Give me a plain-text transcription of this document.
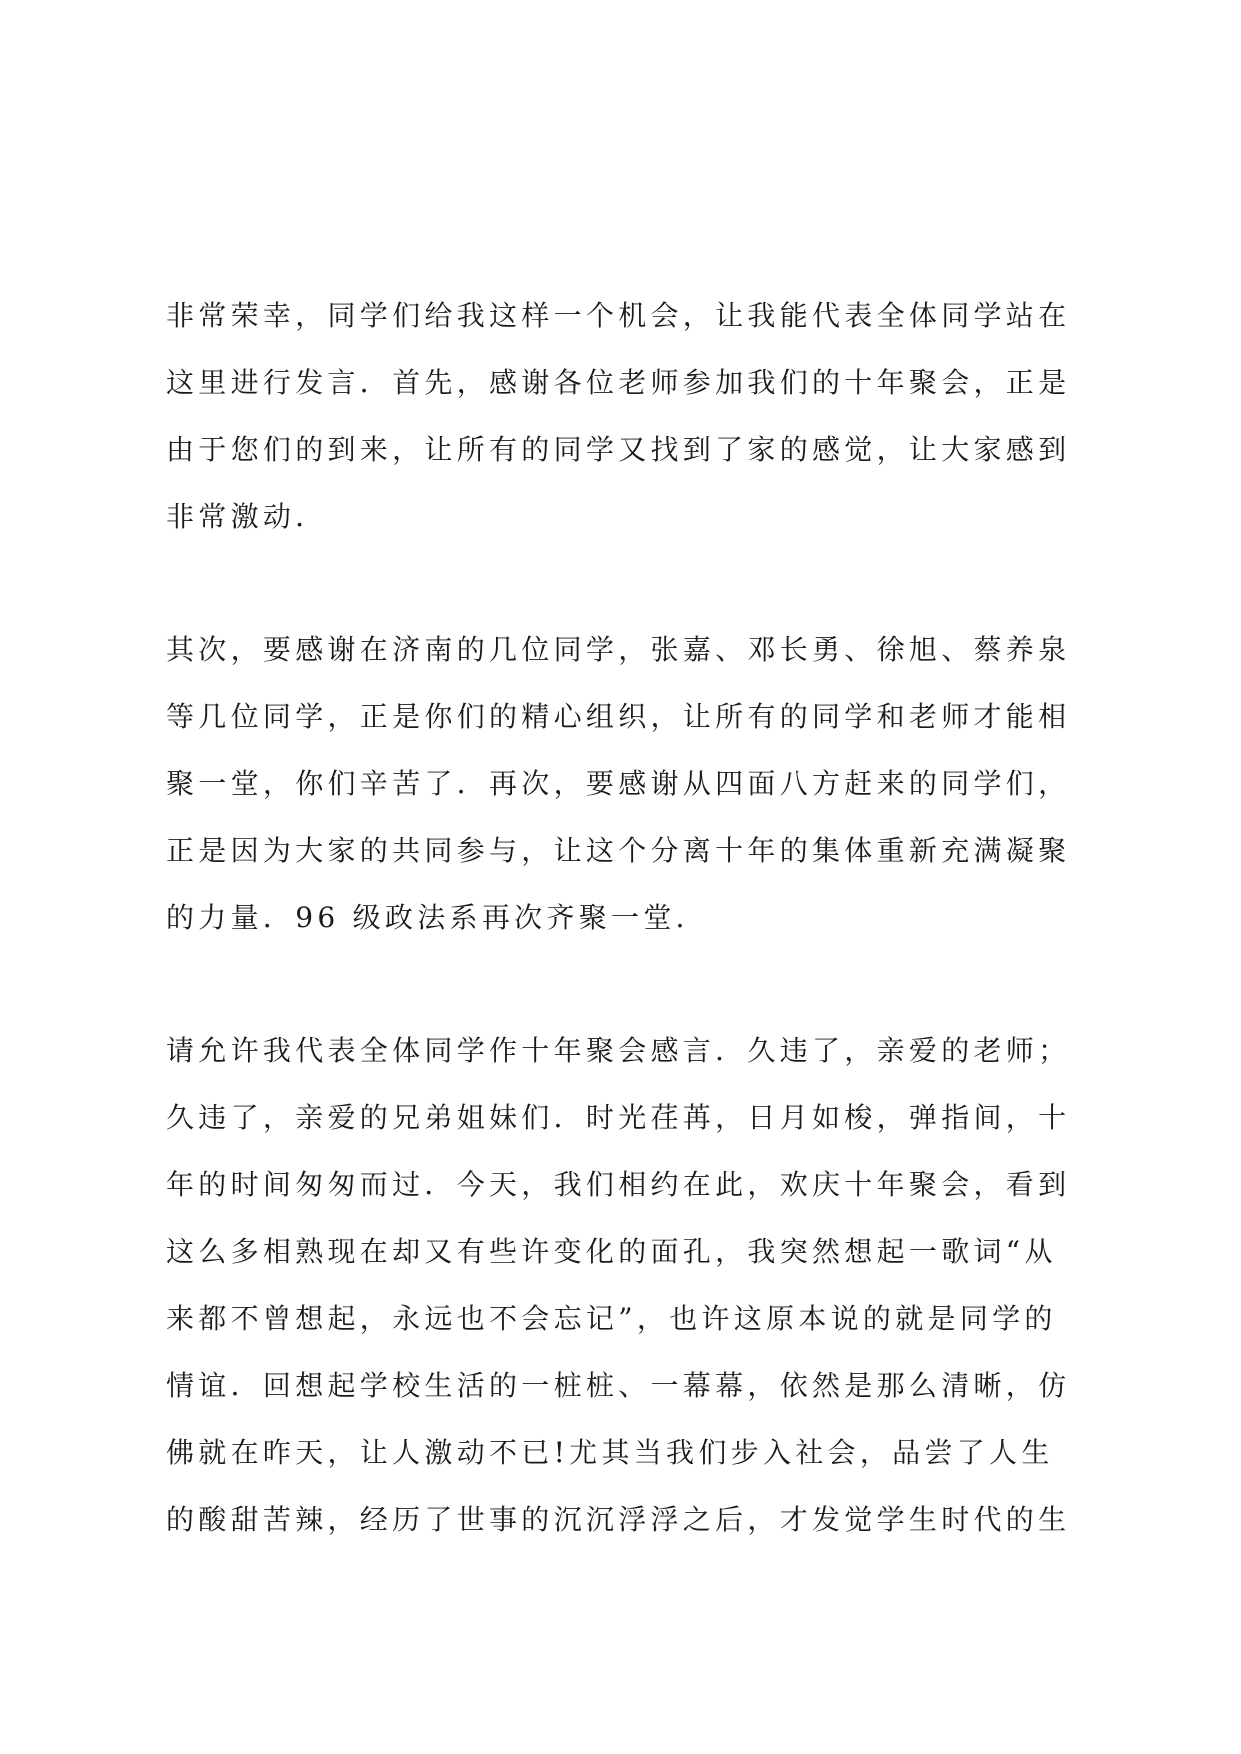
非常荣幸，同学们给我这样一个机会，让我能代表全体同学站在
这里进行发言．首先，感谢各位老师参加我们的十年聚会，正是
由于您们的到来，让所有的同学又找到了家的感觉，让大家感到
非常激动．
其次，要感谢在济南的几位同学，张嘉、邓长勇、徐旭、蔡养泉
等几位同学，正是你们的精心组织，让所有的同学和老师才能相
聚一堂，你们辛苦了．再次，要感谢从四面八方赶来的同学们，
正是因为大家的共同参与，让这个分离十年的集体重新充满凝聚
的力量．96 级政法系再次齐聚一堂．
请允许我代表全体同学作十年聚会感言．久违了，亲爱的老师；
久违了，亲爱的兄弟姐妹们．时光荏苒，日月如梭，弹指间，十
年的时间匆匆而过．今天，我们相约在此，欢庆十年聚会，看到
这么多相熟现在却又有些许变化的面孔，我突然想起一歌词“从
来都不曾想起，永远也不会忘记”，也许这原本说的就是同学的
情谊．回想起学校生活的一桩桩、一幕幕，依然是那么清晰，仿
佛就在昨天，让人激动不已!尤其当我们步入社会，品尝了人生
的酸甜苦辣，经历了世事的沉沉浮浮之后，才发觉学生时代的生
